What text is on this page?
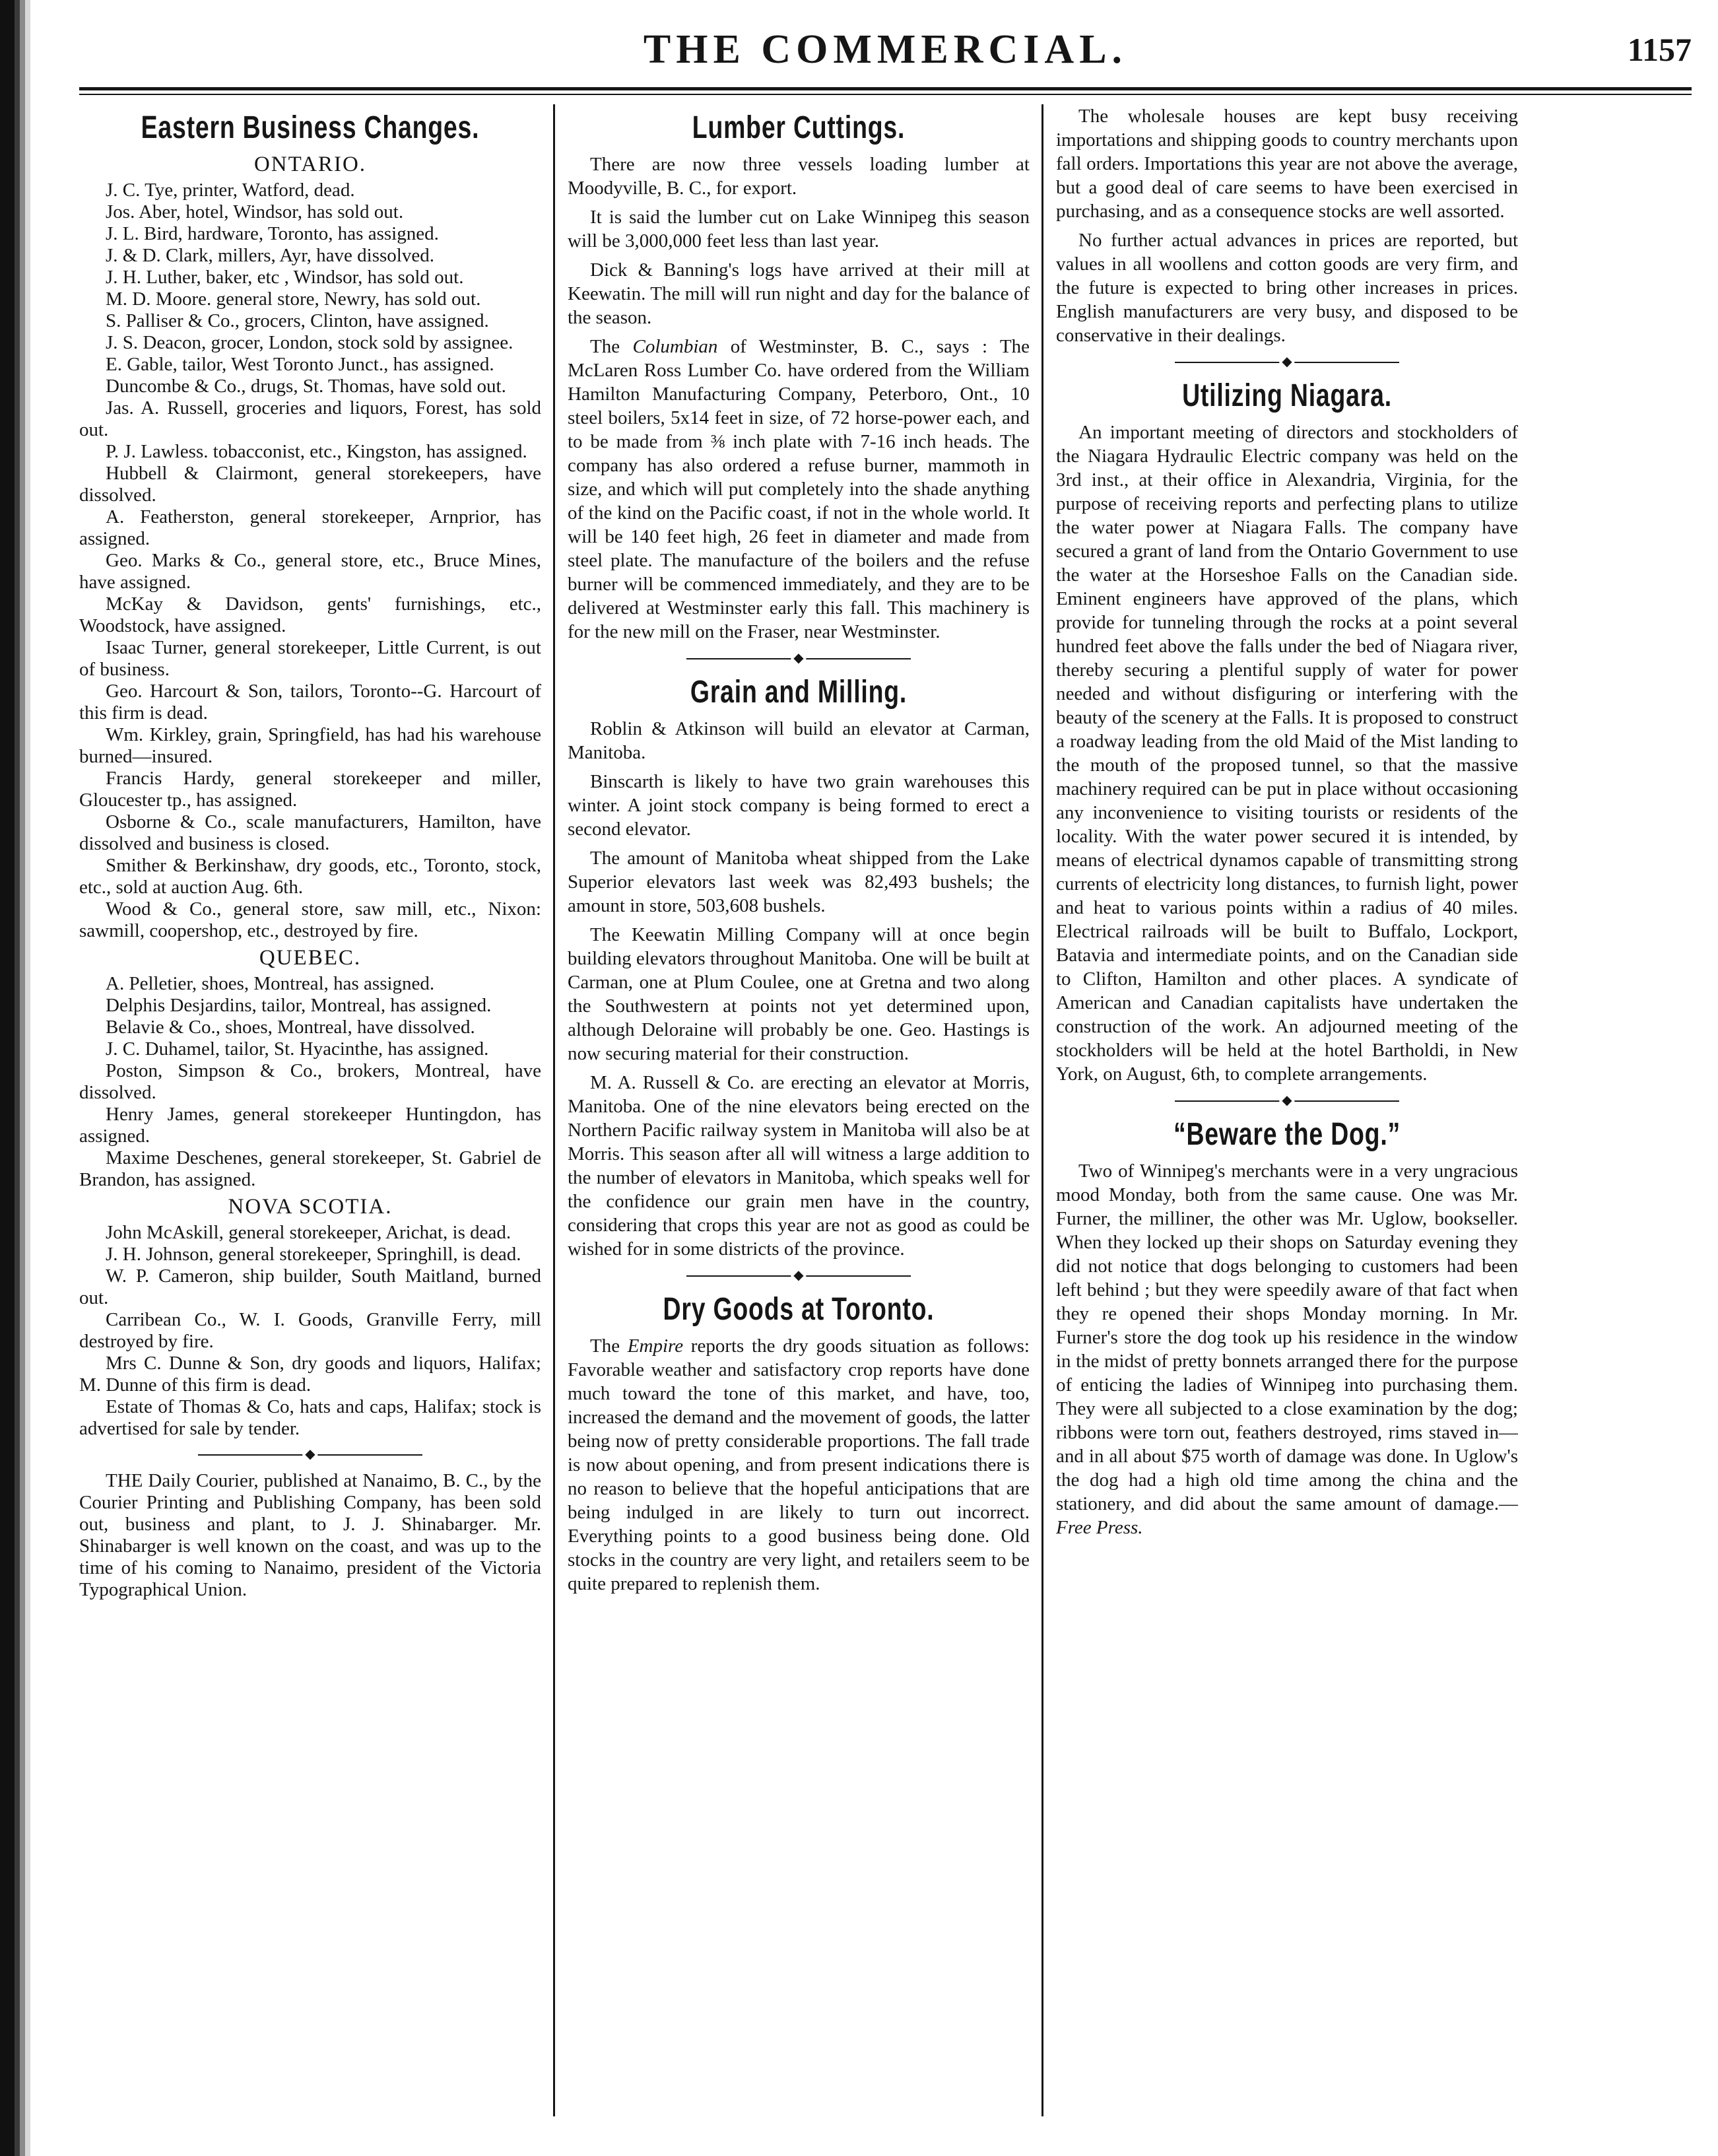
THE COMMERCIAL.	1157
Eastern Business Changes.
ONTARIO.

J. C. Tye, printer, Watford, dead.

Jos. Aber, hotel, Windsor, has sold out.

J. L. Bird, hardware, Toronto, has assigned.

J. & D. Clark, millers, Ayr, have dissolved.

J. H. Luther, baker, etc , Windsor, has sold out.

M. D. Moore. general store, Newry, has sold out.

S. Palliser & Co., grocers, Clinton, have assigned.

J. S. Deacon, grocer, London, stock sold by assignee.

E. Gable, tailor, West Toronto Junct., has assigned.

Duncombe & Co., drugs, St. Thomas, have sold out.

Jas. A. Russell, groceries and liquors, Forest, has sold out.

P. J. Lawless. tobacconist, etc., Kingston, has assigned.

Hubbell & Clairmont, general storekeepers, have dissolved.

A. Featherston, general storekeeper, Arnprior, has assigned.

Geo. Marks & Co., general store, etc., Bruce Mines, have assigned.

McKay & Davidson, gents' furnishings, etc., Woodstock, have assigned.

Isaac Turner, general storekeeper, Little Current, is out of business.

Geo. Harcourt & Son, tailors, Toronto--G. Harcourt of this firm is dead.

Wm. Kirkley, grain, Springfield, has had his warehouse burned—insured.

Francis Hardy, general storekeeper and miller, Gloucester tp., has assigned.

Osborne & Co., scale manufacturers, Hamilton, have dissolved and business is closed.

Smither & Berkinshaw, dry goods, etc., Toronto, stock, etc., sold at auction Aug. 6th.

Wood & Co., general store, saw mill, etc., Nixon: sawmill, coopershop, etc., destroyed by fire.

QUEBEC.

A. Pelletier, shoes, Montreal, has assigned.

Delphis Desjardins, tailor, Montreal, has assigned.

Belavie & Co., shoes, Montreal, have dissolved.

J. C. Duhamel, tailor, St. Hyacinthe, has assigned.

Poston, Simpson & Co., brokers, Montreal, have dissolved.

Henry James, general storekeeper Huntingdon, has assigned.

Maxime Deschenes, general storekeeper, St. Gabriel de Brandon, has assigned.

NOVA SCOTIA.

John McAskill, general storekeeper, Arichat, is dead.

J. H. Johnson, general storekeeper, Springhill, is dead.

W. P. Cameron, ship builder, South Maitland, burned out.

Carribean Co., W. I. Goods, Granville Ferry, mill destroyed by fire.

Mrs C. Dunne & Son, dry goods and liquors, Halifax; M. Dunne of this firm is dead.

Estate of Thomas & Co, hats and caps, Halifax; stock is advertised for sale by tender.

◆

THE Daily Courier, published at Nanaimo, B. C., by the Courier Printing and Publishing Company, has been sold out, business and plant, to J. J. Shinabarger. Mr. Shinabarger is well known on the coast, and was up to the time of his coming to Nanaimo, president of the Victoria Typographical Union.

Lumber Cuttings.

There are now three vessels loading lumber at Moodyville, B. C., for export.

It is said the lumber cut on Lake Winnipeg this season will be 3,000,000 feet less than last year.

Dick & Banning's logs have arrived at their mill at Keewatin. The mill will run night and day for the balance of the season.

The Columbian of Westminster, B. C., says : The McLaren Ross Lumber Co. have ordered from the William Hamilton Manufacturing Company, Peterboro, Ont., 10 steel boilers, 5x14 feet in size, of 72 horse-power each, and to be made from ⅜ inch plate with 7-16 inch heads. The company has also ordered a refuse burner, mammoth in size, and which will put completely into the shade anything of the kind on the Pacific coast, if not in the whole world. It will be 140 feet high, 26 feet in diameter and made from steel plate. The manufacture of the boilers and the refuse burner will be commenced immediately, and they are to be delivered at Westminster early this fall. This machinery is for the new mill on the Fraser, near Westminster.

◆
Grain and Milling.

Roblin & Atkinson will build an elevator at Carman, Manitoba.

Binscarth is likely to have two grain warehouses this winter. A joint stock company is being formed to erect a second elevator.

The amount of Manitoba wheat shipped from the Lake Superior elevators last week was 82,493 bushels; the amount in store, 503,608 bushels.

The Keewatin Milling Company will at once begin building elevators throughout Manitoba. One will be built at Carman, one at Plum Coulee, one at Gretna and two along the Southwestern at points not yet determined upon, although Deloraine will probably be one. Geo. Hastings is now securing material for their construction.

M. A. Russell & Co. are erecting an elevator at Morris, Manitoba. One of the nine elevators being erected on the Northern Pacific railway system in Manitoba will also be at Morris. This season after all will witness a large addition to the number of elevators in Manitoba, which speaks well for the confidence our grain men have in the country, considering that crops this year are not as good as could be wished for in some districts of the province.

◆
Dry Goods at Toronto.

The Empire reports the dry goods situation as follows: Favorable weather and satisfactory crop reports have done much toward the tone of this market, and have, too, increased the demand and the movement of goods, the latter being now of pretty considerable proportions. The fall trade is now about opening, and from present indications there is no reason to believe that the hopeful anticipations that are being indulged in are likely to turn out incorrect. Everything points to a good business being done. Old stocks in the country are very light, and retailers seem to be quite prepared to replenish them.

The wholesale houses are kept busy receiving importations and shipping goods to country merchants upon fall orders. Importations this year are not above the average, but a good deal of care seems to have been exercised in purchasing, and as a consequence stocks are well assorted.

No further actual advances in prices are reported, but values in all woollens and cotton goods are very firm, and the future is expected to bring other increases in prices. English manufacturers are very busy, and disposed to be conservative in their dealings.

◆
Utilizing Niagara.

An important meeting of directors and stockholders of the Niagara Hydraulic Electric company was held on the 3rd inst., at their office in Alexandria, Virginia, for the purpose of receiving reports and perfecting plans to utilize the water power at Niagara Falls. The company have secured a grant of land from the Ontario Government to use the water at the Horseshoe Falls on the Canadian side. Eminent engineers have approved of the plans, which provide for tunneling through the rocks at a point several hundred feet above the falls under the bed of Niagara river, thereby securing a plentiful supply of water for power needed and without disfiguring or interfering with the beauty of the scenery at the Falls. It is proposed to construct a roadway leading from the old Maid of the Mist landing to the mouth of the proposed tunnel, so that the massive machinery required can be put in place without occasioning any inconvenience to visiting tourists or residents of the locality. With the water power secured it is intended, by means of electrical dynamos capable of transmitting strong currents of electricity long distances, to furnish light, power and heat to various points within a radius of 40 miles. Electrical railroads will be built to Buffalo, Lockport, Batavia and intermediate points, and on the Canadian side to Clifton, Hamilton and other places. A syndicate of American and Canadian capitalists have undertaken the construction of the work. An adjourned meeting of the stockholders will be held at the hotel Bartholdi, in New York, on August, 6th, to complete arrangements.

◆
“Beware the Dog.”

Two of Winnipeg's merchants were in a very ungracious mood Monday, both from the same cause. One was Mr. Furner, the milliner, the other was Mr. Uglow, bookseller. When they locked up their shops on Saturday evening they did not notice that dogs belonging to customers had been left behind ; but they were speedily aware of that fact when they re opened their shops Monday morning. In Mr. Furner's store the dog took up his residence in the window in the midst of pretty bonnets arranged there for the purpose of enticing the ladies of Winnipeg into purchasing them. They were all subjected to a close examination by the dog; ribbons were torn out, feathers destroyed, rims staved in—and in all about $75 worth of damage was done. In Uglow's the dog had a high old time among the china and the stationery, and did about the same amount of damage.—Free Press.
